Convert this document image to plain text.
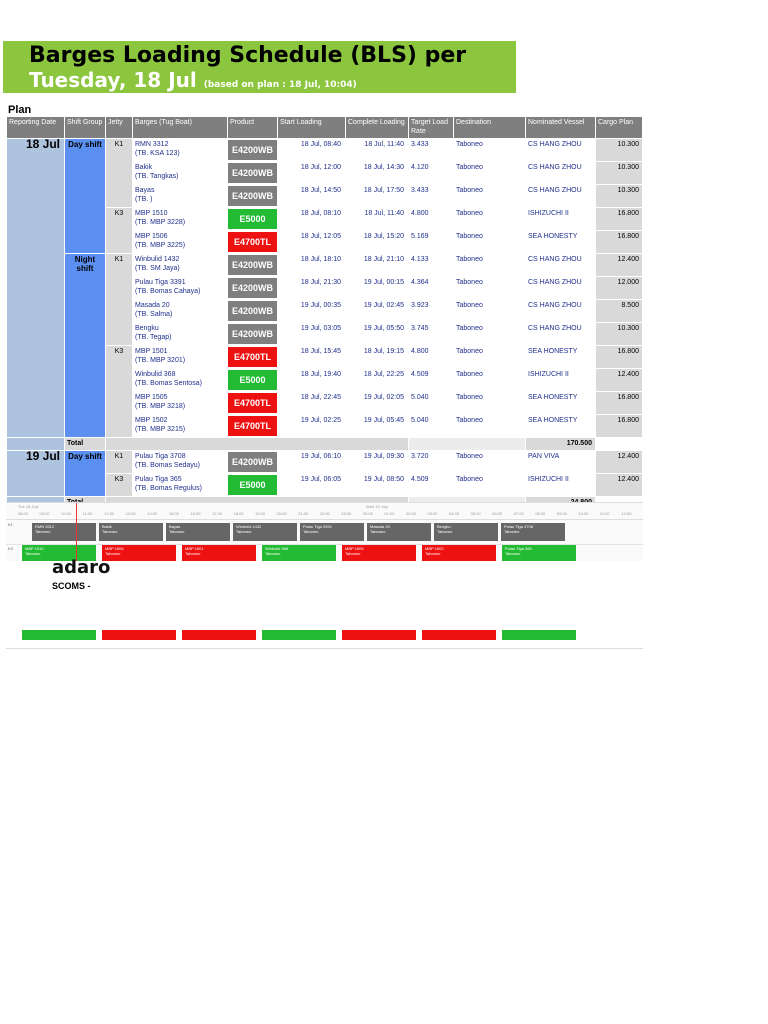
Barges Loading Schedule (BLS) per
Tuesday, 18 Jul (based on plan : 18 Jul, 10:04)
Plan
Reporting Date	Shift Group	Jetty	Barges (Tug Boat)	Product	Start Loading	Complete Loading	Target Load Rate	Destination	Nominated Vessel	Cargo Plan
18 Jul	Day shift	K1	RMN 3312
(TB. KSA 123)	E4200WB	18 Jul, 08:40	18 Jul, 11:40	3.433	Taboneo	CS HANG ZHOU	10.300

			Bakik
(TB. Tangkas)	E4200WB	18 Jul, 12:00	18 Jul, 14:30	4.120	Taboneo	CS HANG ZHOU	10.300

			Bayas
(TB. )	E4200WB	18 Jul, 14:50	18 Jul, 17:50	3.433	Taboneo	CS HANG ZHOU	10.300
		K3	MBP 1510
(TB. MBP 3228)	E5000	18 Jul, 08:10	18 Jul, 11:40	4.800	Taboneo	ISHIZUCHI II	16.800

			MBP 1506
(TB. MBP 3225)	E4700TL	18 Jul, 12:05	18 Jul, 15:20	5.169	Taboneo	SEA HONESTY	16.800
	Night shift	K1	Winbulid 1432
(TB. SM Jaya)	E4200WB	18 Jul, 18:10	18 Jul, 21:10	4.133	Taboneo	CS HANG ZHOU	12.400

			Pulau Tiga 3391
(TB. Bomas Cahaya)	E4200WB	18 Jul, 21:30	19 Jul, 00:15	4.364	Taboneo	CS HANG ZHOU	12.000

			Masada 20
(TB. Salma)	E4200WB	19 Jul, 00:35	19 Jul, 02:45	3.923	Taboneo	CS HANG ZHOU	8.500

			Bengku
(TB. Tegap)	E4200WB	19 Jul, 03:05	19 Jul, 05:50	3.745	Taboneo	CS HANG ZHOU	10.300
		K3	MBP 1501
(TB. MBP 3201)	E4700TL	18 Jul, 15:45	18 Jul, 19:15	4.800	Taboneo	SEA HONESTY	16.800

			Winbulid 368
(TB. Bomas Sentosa)	E5000	18 Jul, 19:40	18 Jul, 22:25	4.509	Taboneo	ISHIZUCHI II	12.400

			MBP 1505
(TB. MBP 3218)	E4700TL	18 Jul, 22:45	19 Jul, 02:05	5.040	Taboneo	SEA HONESTY	16.800

			MBP 1502
(TB. MBP 3215)	E4700TL	19 Jul, 02:25	19 Jul, 05:45	5.040	Taboneo	SEA HONESTY	16.800
	Total								170.500	
19 Jul	Day shift	K1	Pulau Tiga 3708
(TB. Bomas Sedayu)	E4200WB	19 Jul, 06:10	19 Jul, 09:30	3.720	Taboneo	PAN VIVA	12.400
		K3	Pulau Tiga 365
(TB. Bomas Regulus)	E5000	19 Jul, 06:05	19 Jul, 08:50	4.509	Taboneo	ISHIZUCHI II	12.400

Tue 18 July	Wed 19 July
08:00	09:00	10:00	11:00	12:00	13:00	14:00	15:00	16:00	17:00	18:00	19:00	20:00	21:00	22:00	23:00	00:00	01:00	02:00	03:00	04:00	05:00	06:00	07:00	08:00	09:00	10:00	11:00	12:00
K1	RMN 3312
Taboneo
Bakik
Taboneo
Bayas
Taboneo
Winbulid 1432
Taboneo
Pulau Tiga 3391
Taboneo
Masada 20
Taboneo
Bengku
Taboneo
Pulau Tiga 3708
Taboneo
K3	MBP 1510
Taboneo
MBP 1506
Taboneo
MBP 1501
Taboneo
Winbulid 368
Taboneo
MBP 1505
Taboneo
MBP 1502
Taboneo
Pulau Tiga 365
Taboneo
adaro
SCOMS -
